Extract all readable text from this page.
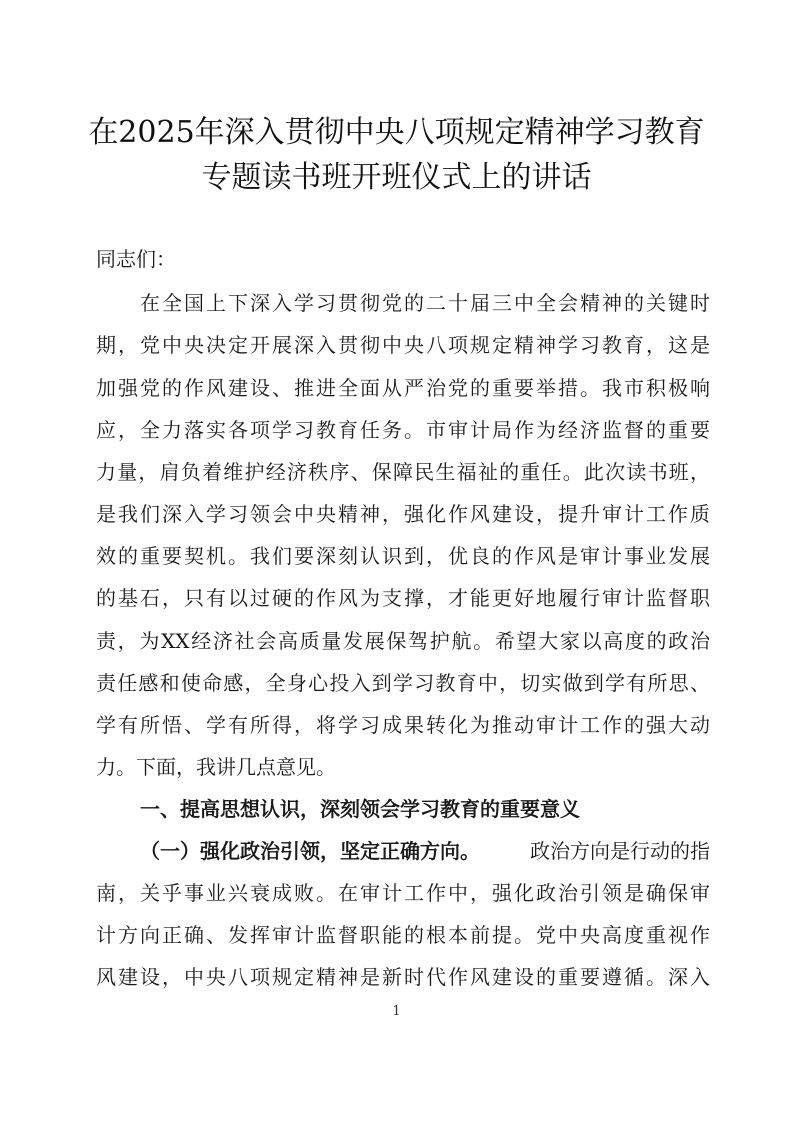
在2025年深入贯彻中央八项规定精神学习教育
专题读书班开班仪式上的讲话
同志们：
在全国上下深入学习贯彻党的二十届三中全会精神的关键时
期，党中央决定开展深入贯彻中央八项规定精神学习教育，这是
加强党的作风建设、推进全面从严治党的重要举措。我市积极响
应，全力落实各项学习教育任务。市审计局作为经济监督的重要
力量，肩负着维护经济秩序、保障民生福祉的重任。此次读书班，
是我们深入学习领会中央精神，强化作风建设，提升审计工作质
效的重要契机。我们要深刻认识到，优良的作风是审计事业发展
的基石，只有以过硬的作风为支撑，才能更好地履行审计监督职
责，为XX经济社会高质量发展保驾护航。希望大家以高度的政治
责任感和使命感，全身心投入到学习教育中，切实做到学有所思、
学有所悟、学有所得，将学习成果转化为推动审计工作的强大动
力。下面，我讲几点意见。
一、提高思想认识，深刻领会学习教育的重要意义
（一）强化政治引领，坚定正确方向。	政治方向是行动的指
南，关乎事业兴衰成败。在审计工作中，强化政治引领是确保审
计方向正确、发挥审计监督职能的根本前提。党中央高度重视作
风建设，中央八项规定精神是新时代作风建设的重要遵循。深入
1
